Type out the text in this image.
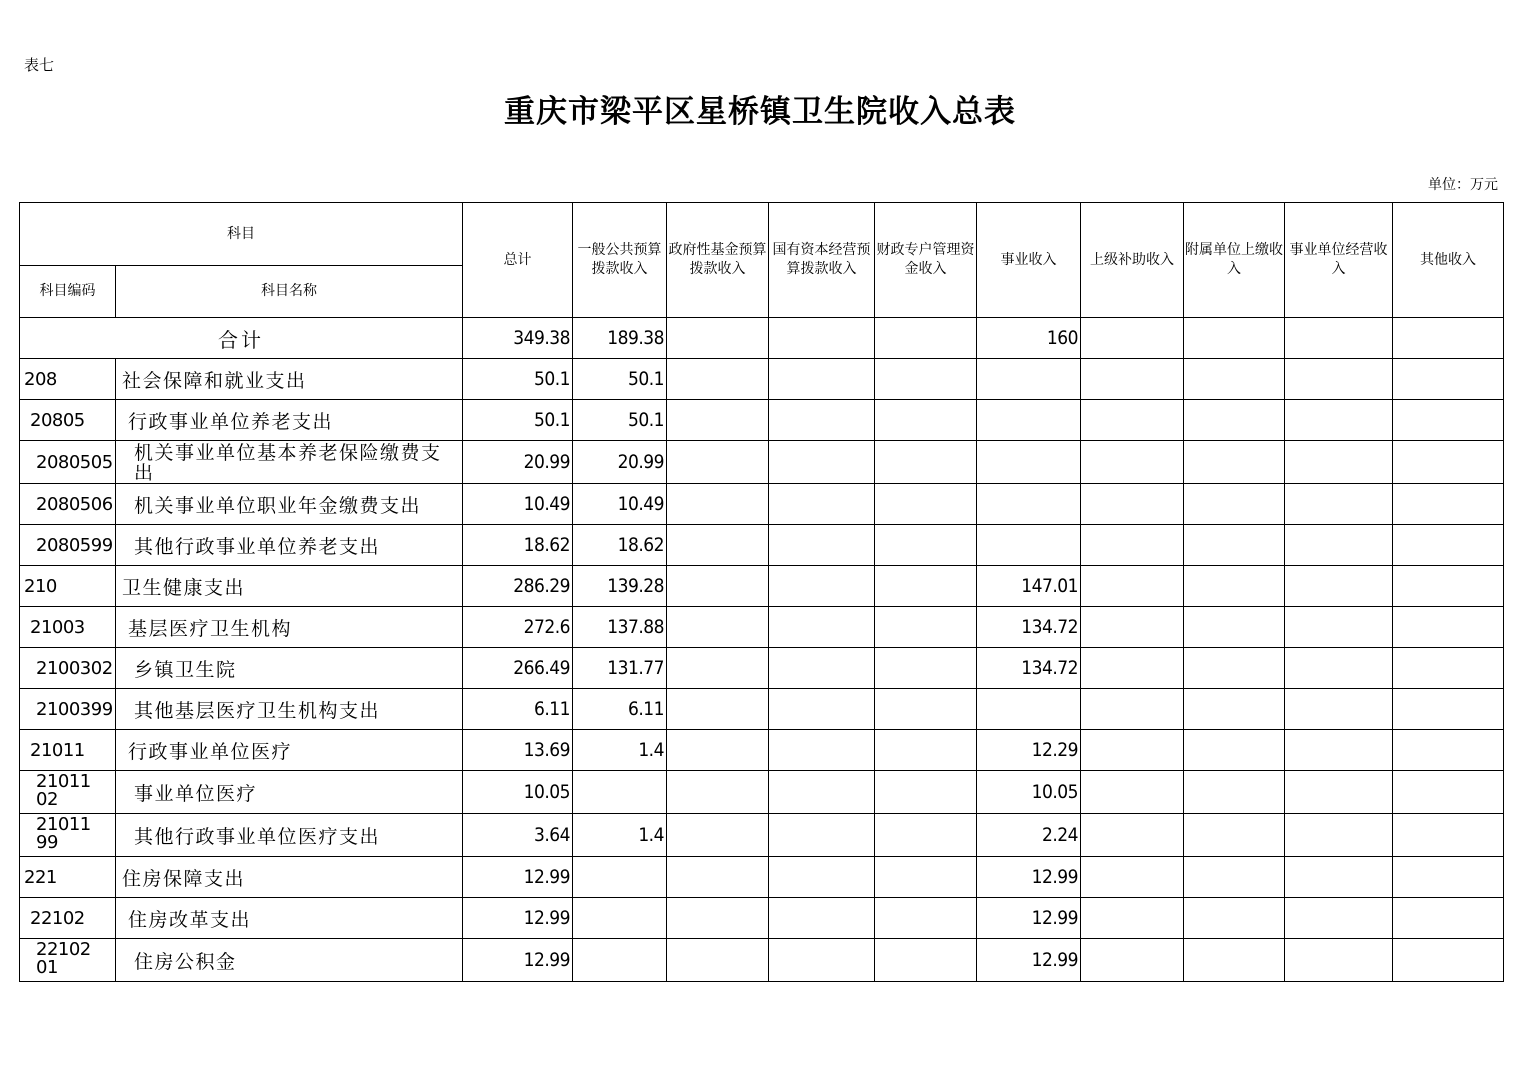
表七
重庆市梁平区星桥镇卫生院收入总表
单位：万元
科目		总计	一般公共预算拨款收入	政府性基金预算拨款收入	国有资本经营预算拨款收入	财政专户管理资金收入	事业收入	上级补助收入	附属单位上缴收入	事业单位经营收入	其他收入
科目编码	科目名称										
合计		349.38	189.38				160				
208	社会保障和就业支出	50.1	50.1								
20805	行政事业单位养老支出	50.1	50.1								
2080505	机关事业单位基本养老保险缴费支出	20.99	20.99								
2080506	机关事业单位职业年金缴费支出	10.49	10.49								
2080599	其他行政事业单位养老支出	18.62	18.62								
210	卫生健康支出	286.29	139.28				147.01				
21003	基层医疗卫生机构	272.6	137.88				134.72				
2100302	乡镇卫生院	266.49	131.77				134.72				
2100399	其他基层医疗卫生机构支出	6.11	6.11								
21011	行政事业单位医疗	13.69	1.4				12.29				
2101102	事业单位医疗	10.05					10.05				
2101199	其他行政事业单位医疗支出	3.64	1.4				2.24				
221	住房保障支出	12.99					12.99				
22102	住房改革支出	12.99					12.99				
2210201	住房公积金	12.99					12.99				
